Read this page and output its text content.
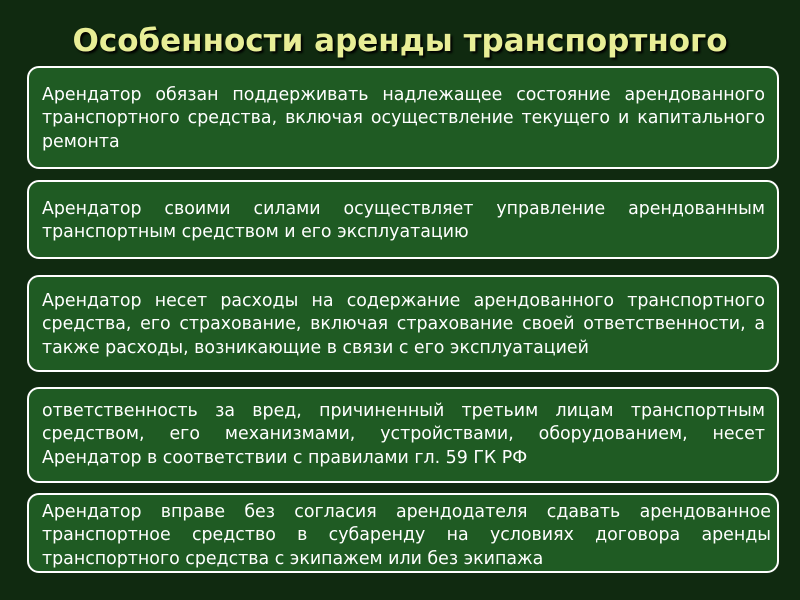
Особенности аренды транспортного
Арендатор обязан поддерживать надлежащее состояние арендованного транспортного средства, включая осуществление текущего и капитального ремонта
Арендатор своими силами осуществляет управление арендованным транспортным средством и его эксплуатацию
Арендатор несет расходы на содержание арендованного транспортного средства, его страхование, включая страхование своей ответственности, а также расходы, возникающие в связи с его эксплуатацией
ответственность за вред, причиненный третьим лицам транспортным средством, его механизмами, устройствами, оборудованием, несет Арендатор в соответствии с правилами гл. 59 ГК РФ
Арендатор вправе без согласия арендодателя сдавать арендованное транспортное средство в субаренду на условиях договора аренды транспортного средства с экипажем или без экипажа
